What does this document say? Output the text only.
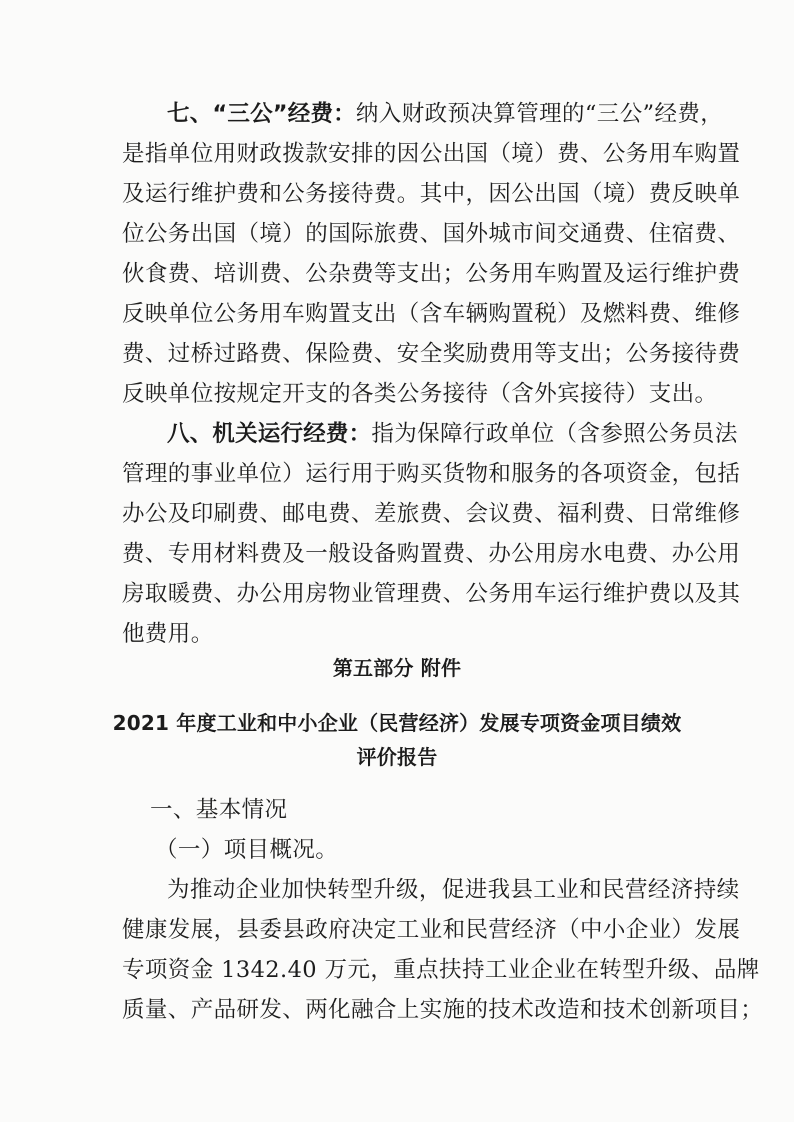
七、“三公”经费：纳入财政预决算管理的“三公”经费，
是指单位用财政拨款安排的因公出国（境）费、公务用车购置
及运行维护费和公务接待费。其中，因公出国（境）费反映单
位公务出国（境）的国际旅费、国外城市间交通费、住宿费、
伙食费、培训费、公杂费等支出；公务用车购置及运行维护费
反映单位公务用车购置支出（含车辆购置税）及燃料费、维修
费、过桥过路费、保险费、安全奖励费用等支出；公务接待费
反映单位按规定开支的各类公务接待（含外宾接待）支出。
八、机关运行经费：指为保障行政单位（含参照公务员法
管理的事业单位）运行用于购买货物和服务的各项资金，包括
办公及印刷费、邮电费、差旅费、会议费、福利费、日常维修
费、专用材料费及一般设备购置费、办公用房水电费、办公用
房取暖费、办公用房物业管理费、公务用车运行维护费以及其
他费用。
第五部分 附件
2021 年度工业和中小企业（民营经济）发展专项资金项目绩效
评价报告
一、基本情况
（一）项目概况。
为推动企业加快转型升级，促进我县工业和民营经济持续
健康发展，县委县政府决定工业和民营经济（中小企业）发展
专项资金 1342.40 万元，重点扶持工业企业在转型升级、品牌
质量、产品研发、两化融合上实施的技术改造和技术创新项目；
